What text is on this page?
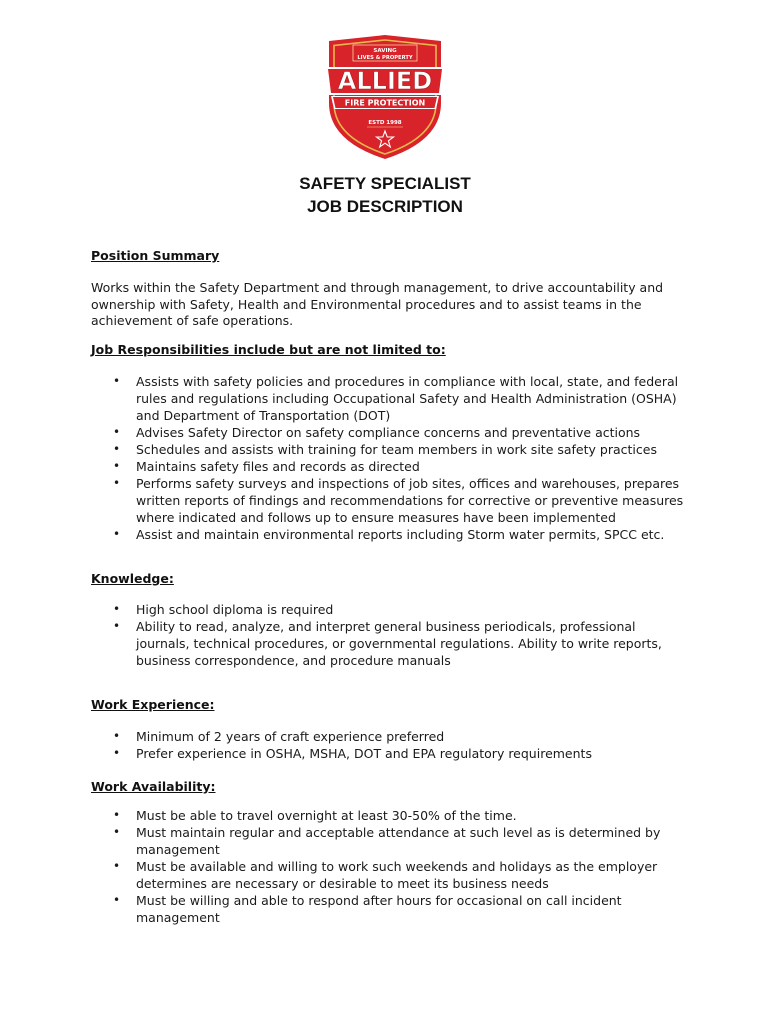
SAVING
LIVES & PROPERTY
ALLIED
FIRE PROTECTION
ESTD 1998
SAFETY SPECIALIST
JOB DESCRIPTION
Position Summary

Works within the Safety Department and through management, to drive accountability and ownership with Safety, Health and Environmental procedures and to assist teams in the achievement of safe operations.

Job Responsibilities include but are not limited to:
• Assists with safety policies and procedures in compliance with local, state, and federal rules and regulations including Occupational Safety and Health Administration (OSHA) and Department of Transportation (DOT)
• Advises Safety Director on safety compliance concerns and preventative actions
• Schedules and assists with training for team members in work site safety practices
• Maintains safety files and records as directed
• Performs safety surveys and inspections of job sites, offices and warehouses, prepares written reports of findings and recommendations for corrective or preventive measures where indicated and follows up to ensure measures have been implemented
• Assist and maintain environmental reports including Storm water permits, SPCC etc.
Knowledge:
• High school diploma is required
• Ability to read, analyze, and interpret general business periodicals, professional journals, technical procedures, or governmental regulations. Ability to write reports, business correspondence, and procedure manuals
Work Experience:
• Minimum of 2 years of craft experience preferred
• Prefer experience in OSHA, MSHA, DOT and EPA regulatory requirements
Work Availability:
• Must be able to travel overnight at least 30-50% of the time.
• Must maintain regular and acceptable attendance at such level as is determined by management
• Must be available and willing to work such weekends and holidays as the employer determines are necessary or desirable to meet its business needs
• Must be willing and able to respond after hours for occasional on call incident management
